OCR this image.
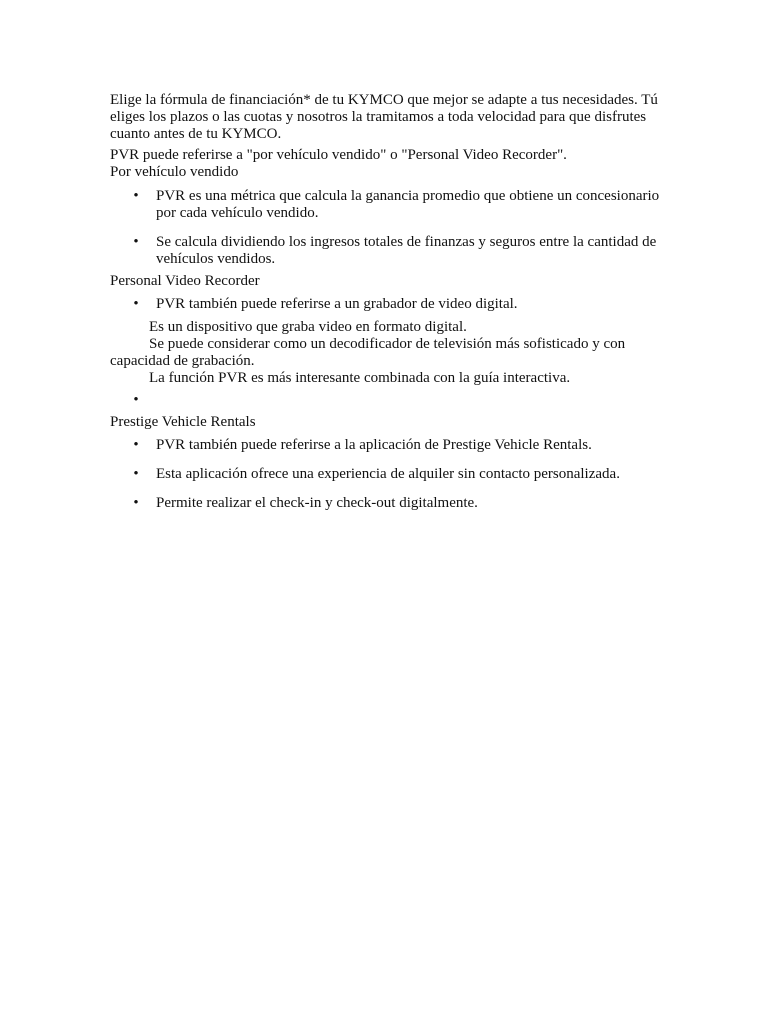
Elige la fórmula de financiación* de tu KYMCO que mejor se adapte a tus necesidades. Tú eliges los plazos o las cuotas y nosotros la tramitamos a toda velocidad para que disfrutes cuanto antes de tu KYMCO.

PVR puede referirse a "por vehículo vendido" o "Personal Video Recorder".

Por vehículo vendido

• PVR es una métrica que calcula la ganancia promedio que obtiene un concesionario por cada vehículo vendido.
• Se calcula dividiendo los ingresos totales de finanzas y seguros entre la cantidad de vehículos vendidos.

Personal Video Recorder

• PVR también puede referirse a un grabador de video digital.

Es un dispositivo que graba video en formato digital.

Se puede considerar como un decodificador de televisión más sofisticado y con capacidad de grabación.

La función PVR es más interesante combinada con la guía interactiva.

•

Prestige Vehicle Rentals

• PVR también puede referirse a la aplicación de Prestige Vehicle Rentals.
• Esta aplicación ofrece una experiencia de alquiler sin contacto personalizada.
• Permite realizar el check-in y check-out digitalmente.
